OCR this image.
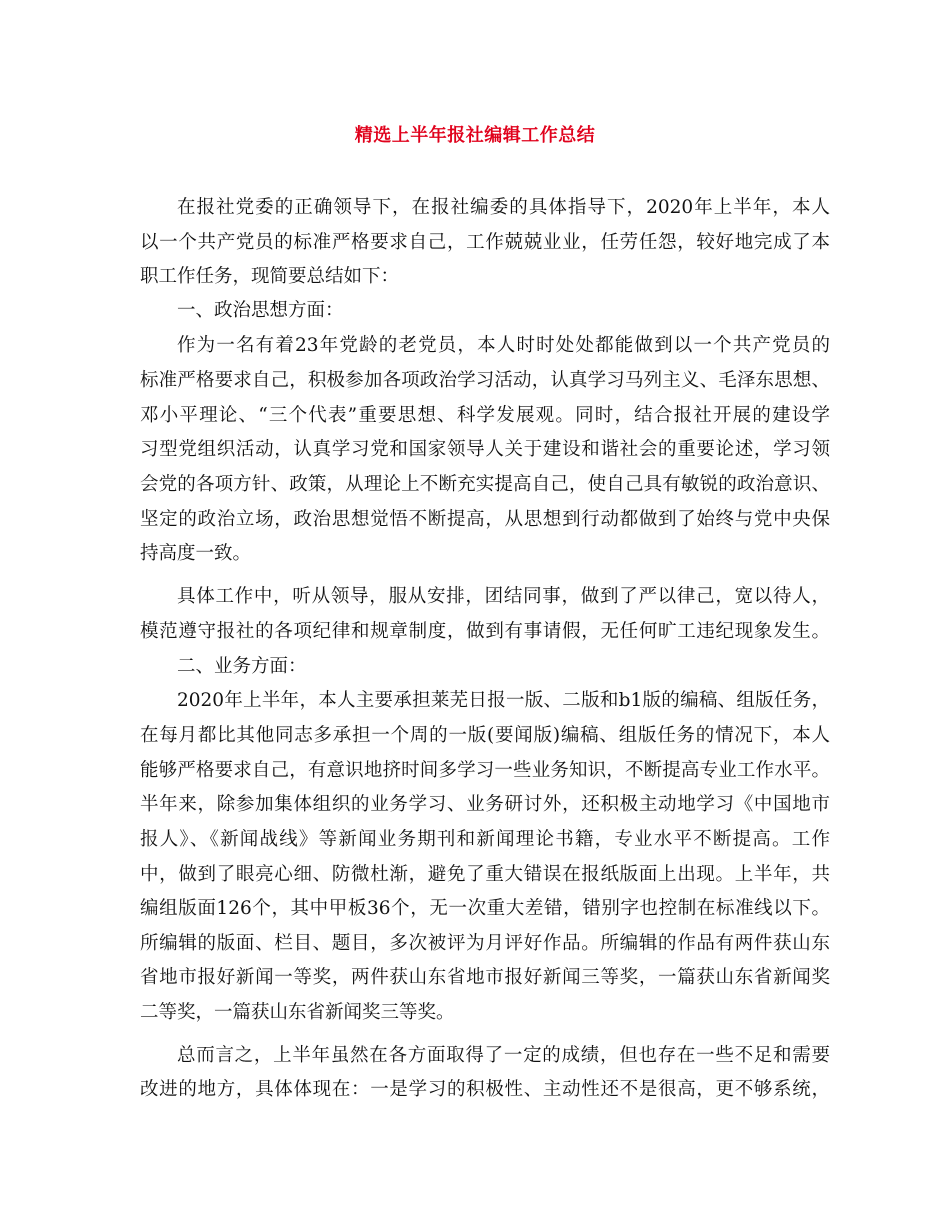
精选上半年报社编辑工作总结
在报社党委的正确领导下，在报社编委的具体指导下，2020年上半年，本人
以一个共产党员的标准严格要求自己，工作兢兢业业，任劳任怨，较好地完成了本
职工作任务，现简要总结如下：
一、政治思想方面：
作为一名有着23年党龄的老党员，本人时时处处都能做到以一个共产党员的
标准严格要求自己，积极参加各项政治学习活动，认真学习马列主义、毛泽东思想、
邓小平理论、“三个代表”重要思想、科学发展观。同时，结合报社开展的建设学
习型党组织活动，认真学习党和国家领导人关于建设和谐社会的重要论述，学习领
会党的各项方针、政策，从理论上不断充实提高自己，使自己具有敏锐的政治意识、
坚定的政治立场，政治思想觉悟不断提高，从思想到行动都做到了始终与党中央保
持高度一致。
具体工作中，听从领导，服从安排，团结同事，做到了严以律己，宽以待人，
模范遵守报社的各项纪律和规章制度，做到有事请假，无任何旷工违纪现象发生。
二、业务方面：
2020年上半年，本人主要承担莱芜日报一版、二版和b1版的编稿、组版任务，
在每月都比其他同志多承担一个周的一版(要闻版)编稿、组版任务的情况下，本人
能够严格要求自己，有意识地挤时间多学习一些业务知识，不断提高专业工作水平。
半年来，除参加集体组织的业务学习、业务研讨外，还积极主动地学习《中国地市
报人》、《新闻战线》等新闻业务期刊和新闻理论书籍，专业水平不断提高。工作
中，做到了眼亮心细、防微杜渐，避免了重大错误在报纸版面上出现。上半年，共
编组版面126个，其中甲板36个，无一次重大差错，错别字也控制在标准线以下。
所编辑的版面、栏目、题目，多次被评为月评好作品。所编辑的作品有两件获山东
省地市报好新闻一等奖，两件获山东省地市报好新闻三等奖，一篇获山东省新闻奖
二等奖，一篇获山东省新闻奖三等奖。
总而言之，上半年虽然在各方面取得了一定的成绩，但也存在一些不足和需要
改进的地方，具体体现在：一是学习的积极性、主动性还不是很高，更不够系统，
